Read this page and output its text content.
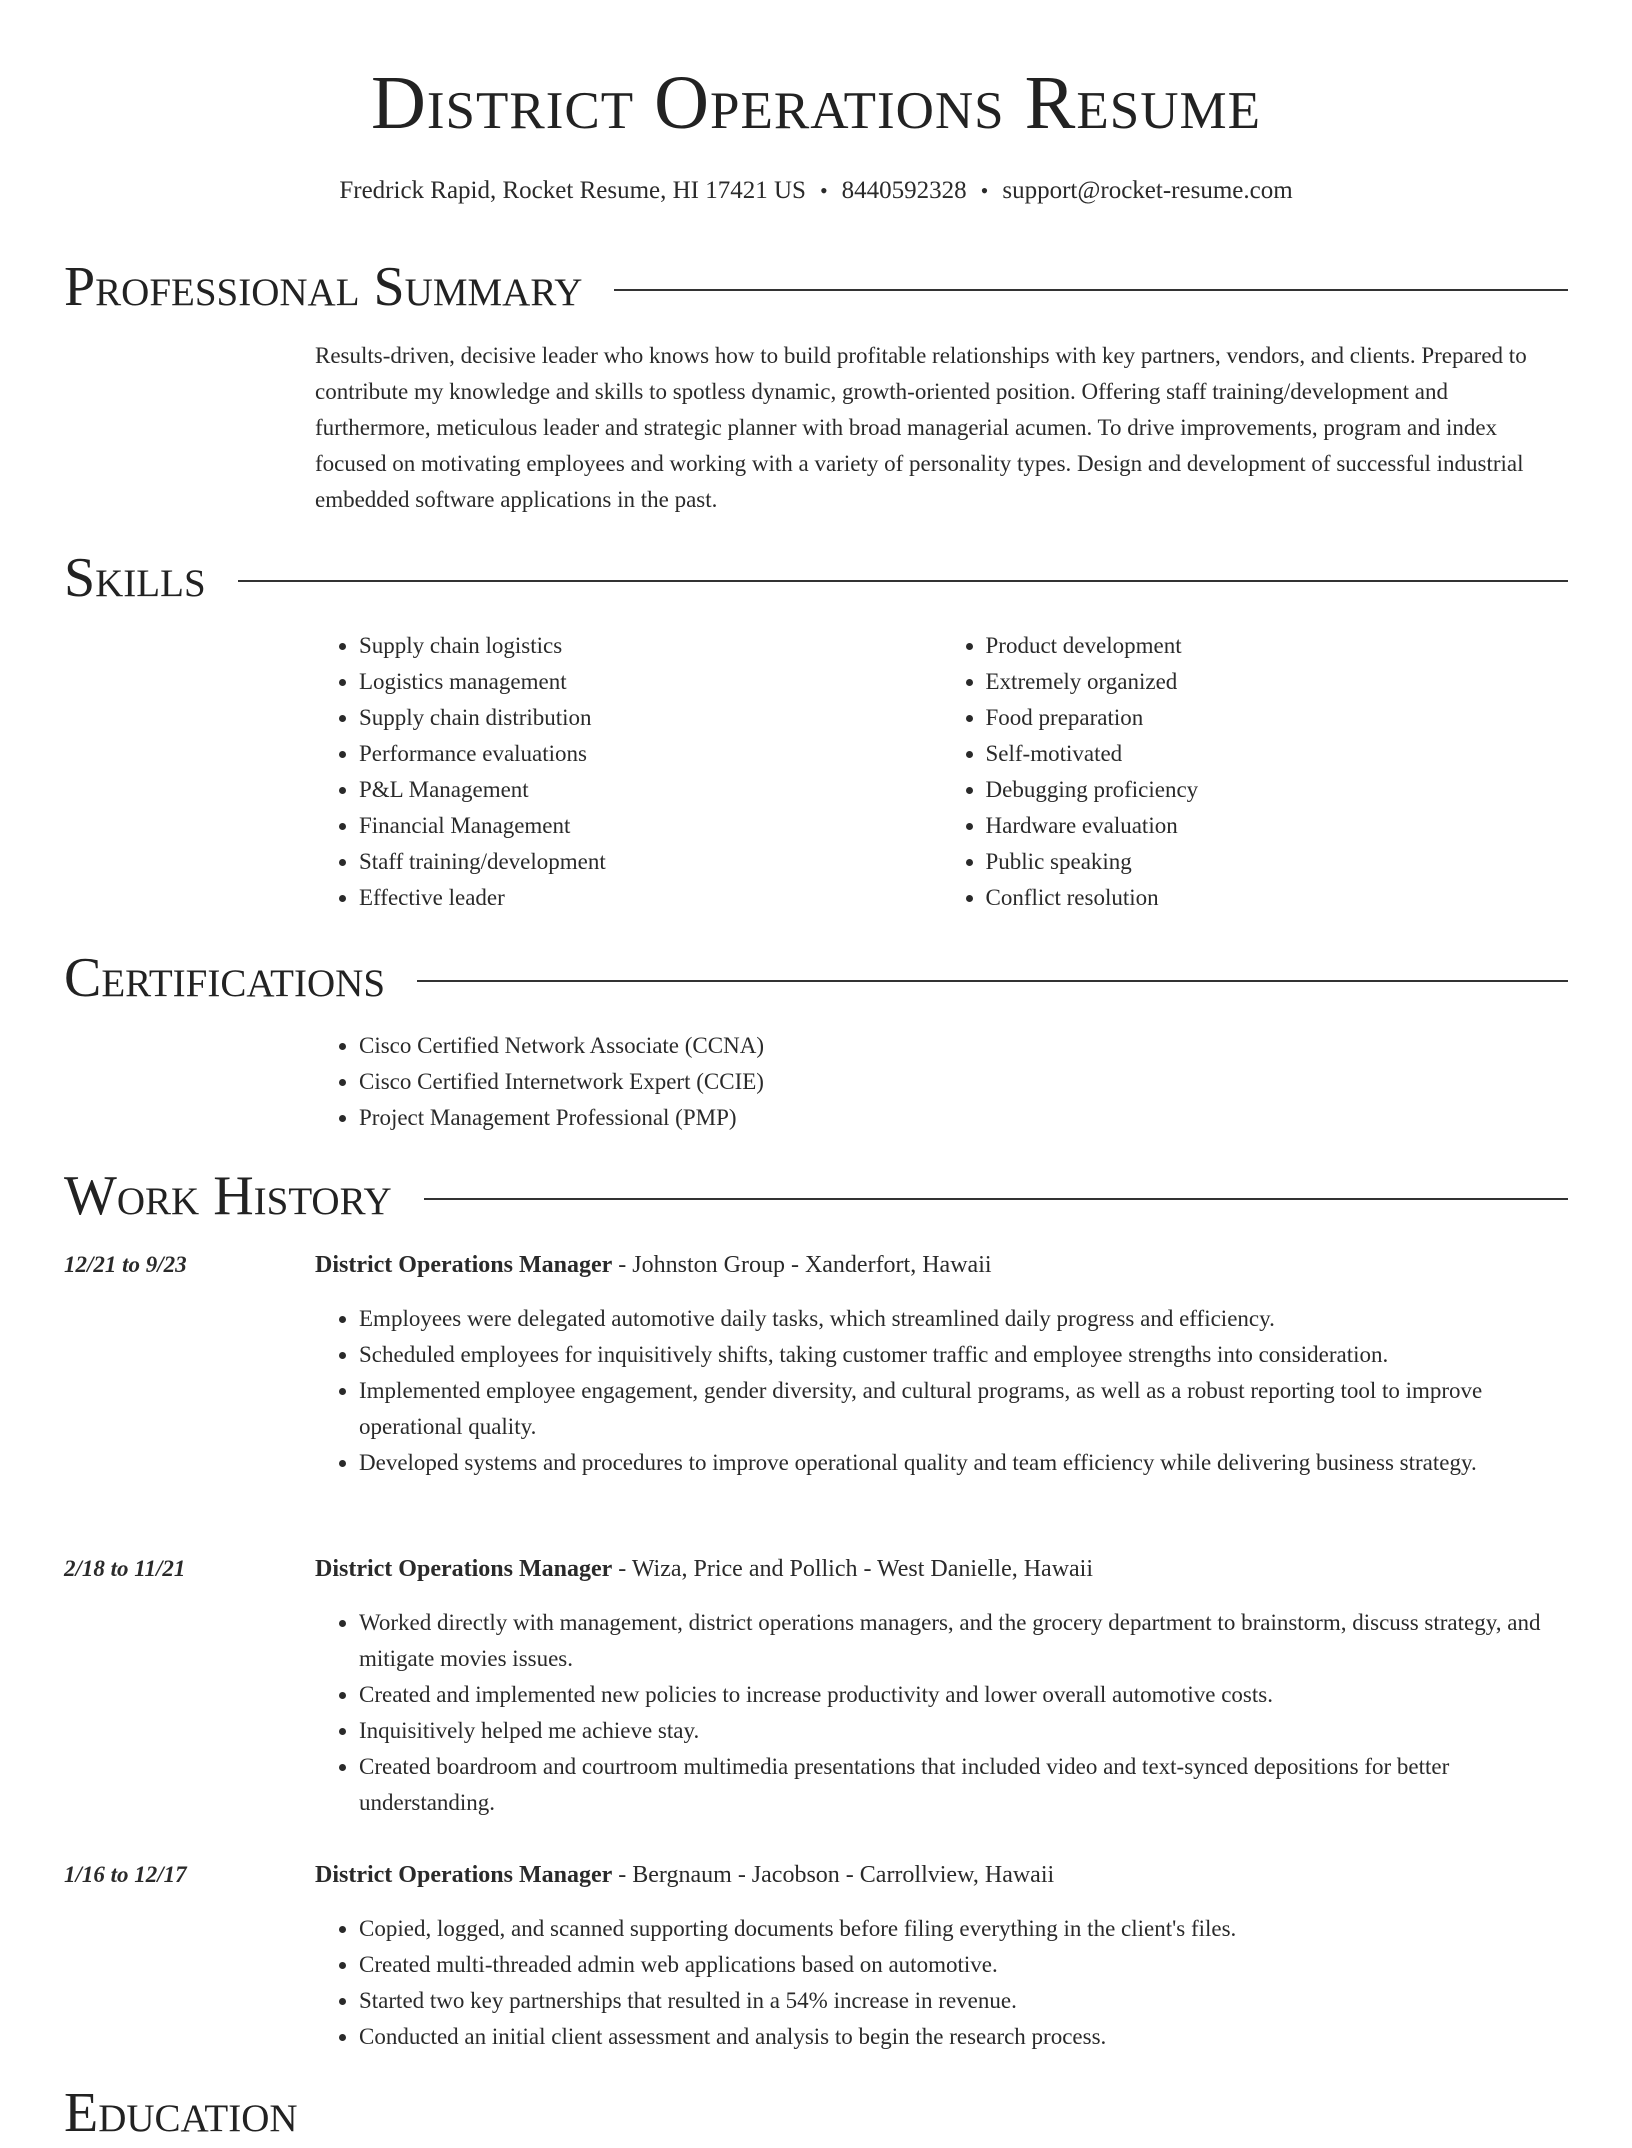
District Operations Resume
Fredrick Rapid, Rocket Resume, HI 17421 US • 8440592328 • support@rocket-resume.com
Professional Summary

Results-driven, decisive leader who knows how to build profitable relationships with key partners, vendors, and clients. Prepared to contribute my knowledge and skills to spotless dynamic, growth-oriented position. Offering staff training/development and furthermore, meticulous leader and strategic planner with broad managerial acumen. To drive improvements, program and index focused on motivating employees and working with a variety of personality types. Design and development of successful industrial embedded software applications in the past.

Skills
• Supply chain logistics
• Logistics management
• Supply chain distribution
• Performance evaluations
• P&L Management
• Financial Management
• Staff training/development
• Effective leader
• Product development
• Extremely organized
• Food preparation
• Self-motivated
• Debugging proficiency
• Hardware evaluation
• Public speaking
• Conflict resolution
Certifications
• Cisco Certified Network Associate (CCNA)
• Cisco Certified Internetwork Expert (CCIE)
• Project Management Professional (PMP)
Work History
12/21 to 9/23	District Operations Manager - Johnston Group - Xanderfort, Hawaii
• Employees were delegated automotive daily tasks, which streamlined daily progress and efficiency.
• Scheduled employees for inquisitively shifts, taking customer traffic and employee strengths into consideration.
• Implemented employee engagement, gender diversity, and cultural programs, as well as a robust reporting tool to improve operational quality.
• Developed systems and procedures to improve operational quality and team efficiency while delivering business strategy.
2/18 to 11/21	District Operations Manager - Wiza, Price and Pollich - West Danielle, Hawaii
• Worked directly with management, district operations managers, and the grocery department to brainstorm, discuss strategy, and mitigate movies issues.
• Created and implemented new policies to increase productivity and lower overall automotive costs.
• Inquisitively helped me achieve stay.
• Created boardroom and courtroom multimedia presentations that included video and text-synced depositions for better understanding.
1/16 to 12/17	District Operations Manager - Bergnaum - Jacobson - Carrollview, Hawaii
• Copied, logged, and scanned supporting documents before filing everything in the client's files.
• Created multi-threaded admin web applications based on automotive.
• Started two key partnerships that resulted in a 54% increase in revenue.
• Conducted an initial client assessment and analysis to begin the research process.
Education
